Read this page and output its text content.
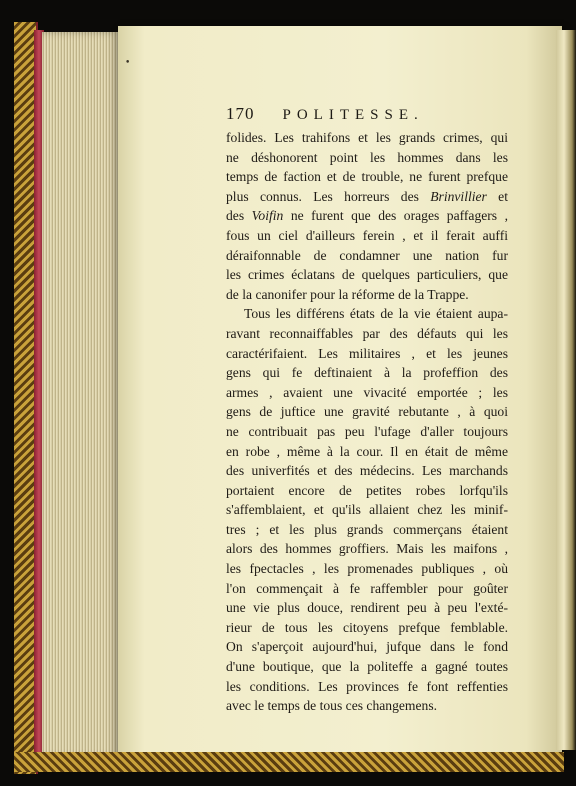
•
170 POLITESSE.
folides. Les trahifons et les grands crimes, qui
ne déshonorent point les hommes dans les
temps de faction et de trouble, ne furent prefque
plus connus. Les horreurs des Brinvillier et
des Voifin ne furent que des orages paffagers ,
fous un ciel d'ailleurs ferein , et il ferait auffi
déraifonnable de condamner une nation fur
les crimes éclatans de quelques particuliers, que
de la canonifer pour la réforme de la Trappe.
Tous les différens états de la vie étaient aupa-
ravant reconnaiffables par des défauts qui les
caractérifaient. Les militaires , et les jeunes
gens qui fe deftinaient à la profeffion des
armes , avaient une vivacité emportée ; les
gens de juftice une gravité rebutante , à quoi
ne contribuait pas peu l'ufage d'aller toujours
en robe , même à la cour. Il en était de même
des univerfités et des médecins. Les marchands
portaient encore de petites robes lorfqu'ils
s'affemblaient, et qu'ils allaient chez les minif-
tres ; et les plus grands commerçans étaient
alors des hommes groffiers. Mais les maifons ,
les fpectacles , les promenades publiques , où
l'on commençait à fe raffembler pour goûter
une vie plus douce, rendirent peu à peu l'exté-
rieur de tous les citoyens prefque femblable.
On s'aperçoit aujourd'hui, jufque dans le fond
d'une boutique, que la politeffe a gagné toutes
les conditions. Les provinces fe font reffenties
avec le temps de tous ces changemens.
